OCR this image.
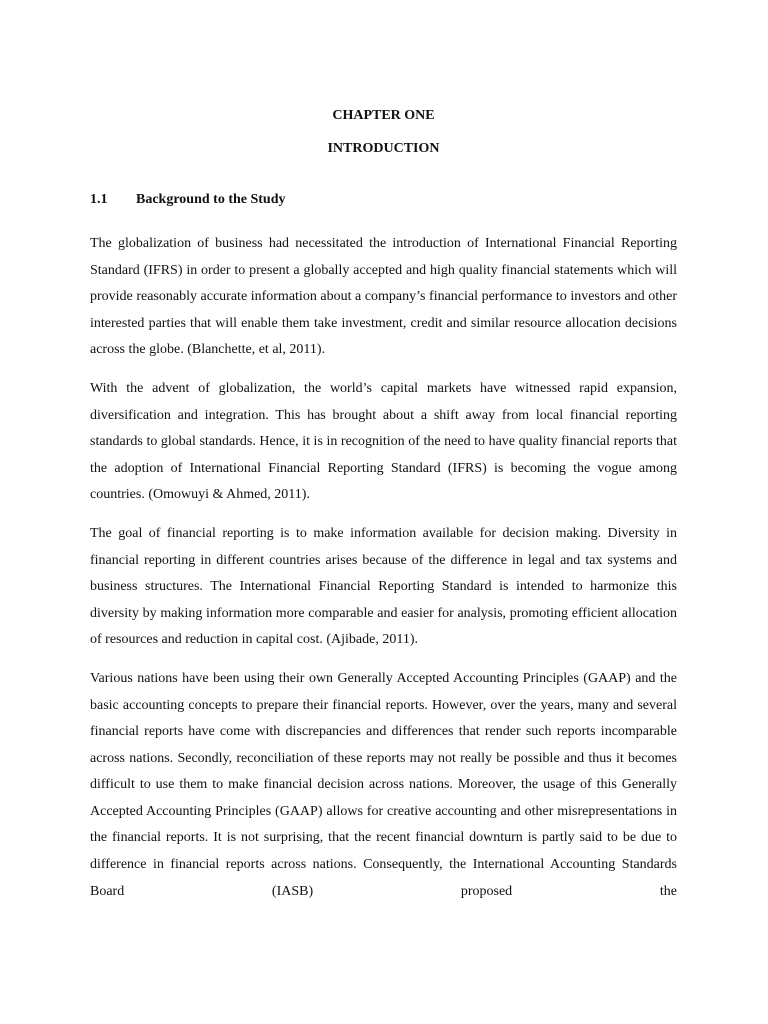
CHAPTER ONE
INTRODUCTION
1.1	Background to the Study

The globalization of business had necessitated the introduction of International Financial Reporting Standard (IFRS) in order to present a globally accepted and high quality financial statements which will provide reasonably accurate information about a company’s financial performance to investors and other interested parties that will enable them take investment, credit and similar resource allocation decisions across the globe. (Blanchette, et al, 2011).

With the advent of globalization, the world’s capital markets have witnessed rapid expansion, diversification and integration. This has brought about a shift away from local financial reporting standards to global standards. Hence, it is in recognition of the need to have quality financial reports that the adoption of International Financial Reporting Standard (IFRS) is becoming the vogue among countries. (Omowuyi & Ahmed, 2011).

The goal of financial reporting is to make information available for decision making. Diversity in financial reporting in different countries arises because of the difference in legal and tax systems and business structures. The International Financial Reporting Standard is intended to harmonize this diversity by making information more comparable and easier for analysis, promoting efficient allocation of resources and reduction in capital cost. (Ajibade, 2011).

Various nations have been using their own Generally Accepted Accounting Principles (GAAP) and the basic accounting concepts to prepare their financial reports. However, over the years, many and several financial reports have come with discrepancies and differences that render such reports incomparable across nations. Secondly, reconciliation of these reports may not really be possible and thus it becomes difficult to use them to make financial decision across nations. Moreover, the usage of this Generally Accepted Accounting Principles (GAAP) allows for creative accounting and other misrepresentations in the financial reports. It is not surprising, that the recent financial downturn is partly said to be due to difference in financial reports across nations. Consequently, the International Accounting Standards Board (IASB) proposed the
